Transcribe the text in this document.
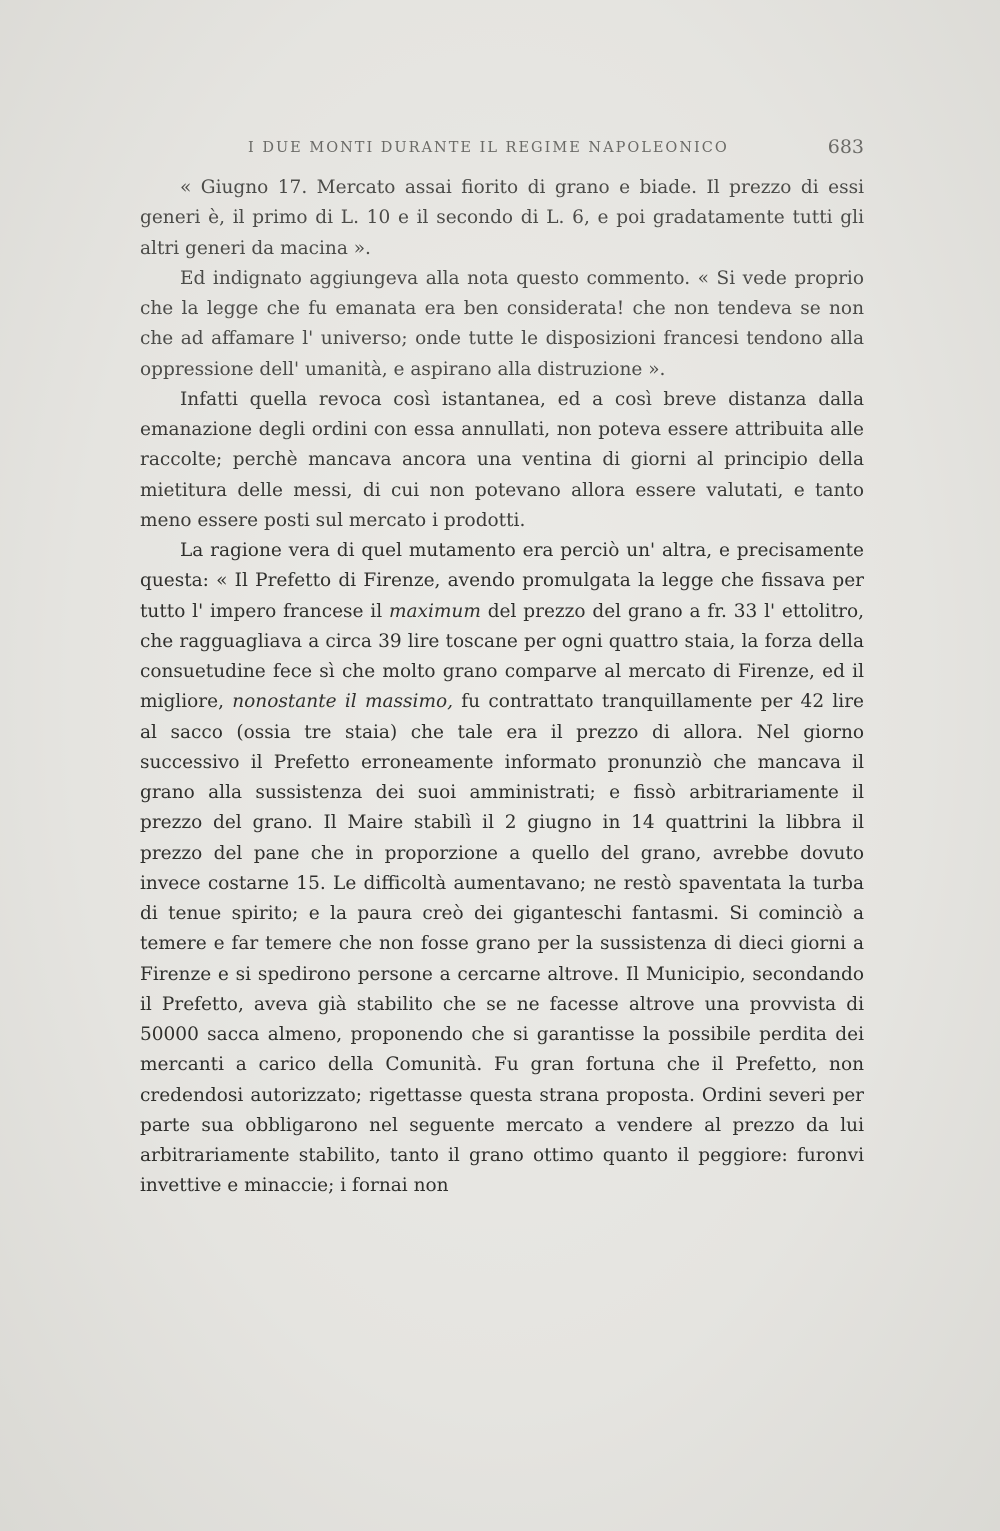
I DUE MONTI DURANTE IL REGIME NAPOLEONICO	683

« Giugno 17. Mercato assai fiorito di grano e biade. Il prezzo di essi generi è, il primo di L. 10 e il secondo di L. 6, e poi gradatamente tutti gli altri generi da macina ».

Ed indignato aggiungeva alla nota questo commento. « Si vede proprio che la legge che fu emanata era ben considerata! che non tendeva se non che ad affamare l' universo; onde tutte le disposizioni francesi tendono alla oppressione dell' umanità, e aspirano alla distruzione ».

Infatti quella revoca così istantanea, ed a così breve distanza dalla emanazione degli ordini con essa annullati, non poteva essere attribuita alle raccolte; perchè mancava ancora una ventina di giorni al principio della mietitura delle messi, di cui non potevano allora essere valutati, e tanto meno essere posti sul mercato i prodotti.

La ragione vera di quel mutamento era perciò un' altra, e precisamente questa: « Il Prefetto di Firenze, avendo promulgata la legge che fissava per tutto l' impero francese il maximum del prezzo del grano a fr. 33 l' ettolitro, che ragguagliava a circa 39 lire toscane per ogni quattro staia, la forza della consuetudine fece sì che molto grano comparve al mercato di Firenze, ed il migliore, nonostante il massimo, fu contrattato tranquillamente per 42 lire al sacco (ossia tre staia) che tale era il prezzo di allora. Nel giorno successivo il Prefetto erroneamente informato pronunziò che mancava il grano alla sussistenza dei suoi amministrati; e fissò arbitrariamente il prezzo del grano. Il Maire stabilì il 2 giugno in 14 quattrini la libbra il prezzo del pane che in proporzione a quello del grano, avrebbe dovuto invece costarne 15. Le difficoltà aumentavano; ne restò spaventata la turba di tenue spirito; e la paura creò dei giganteschi fantasmi. Si cominciò a temere e far temere che non fosse grano per la sussistenza di dieci giorni a Firenze e si spedirono persone a cercarne altrove. Il Municipio, secondando il Prefetto, aveva già stabilito che se ne facesse altrove una provvista di 50000 sacca almeno, proponendo che si garantisse la possibile perdita dei mercanti a carico della Comunità. Fu gran fortuna che il Prefetto, non credendosi autorizzato; rigettasse questa strana proposta. Ordini severi per parte sua obbligarono nel seguente mercato a vendere al prezzo da lui arbitrariamente stabilito, tanto il grano ottimo quanto il peggiore: furonvi invettive e minaccie; i fornai non
